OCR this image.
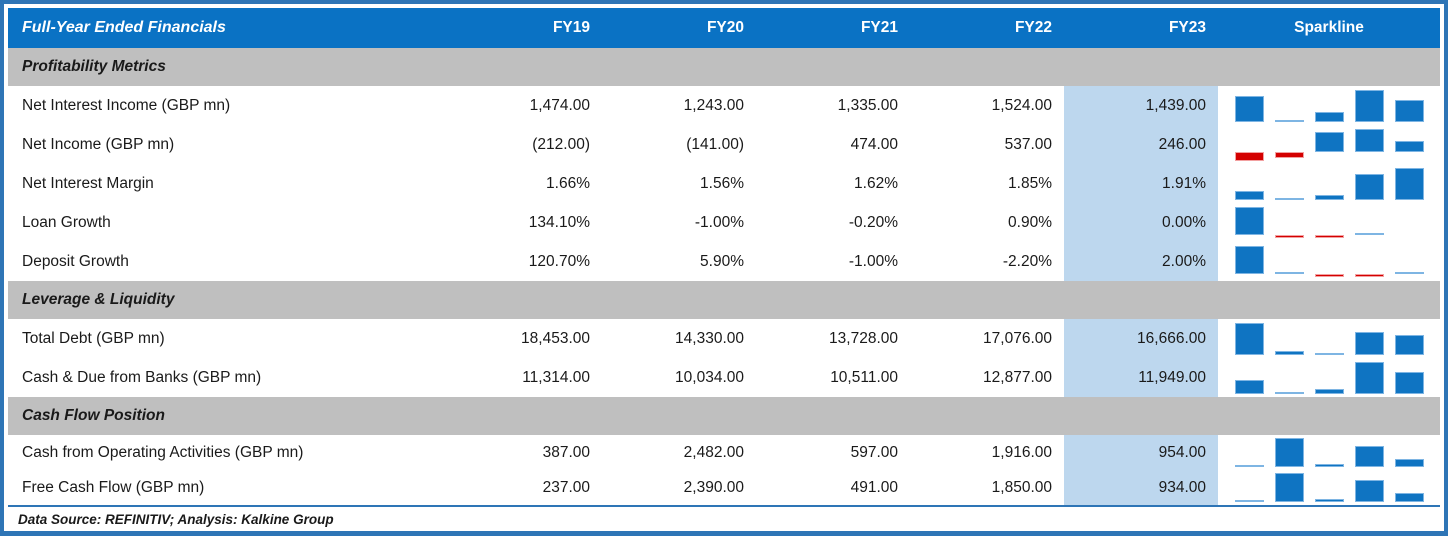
Full-Year Ended Financials	FY19	FY20	FY21	FY22	FY23	Sparkline
Profitability Metrics
Net Interest Income (GBP mn)	1,474.00	1,243.00	1,335.00	1,524.00	1,439.00
Net Income (GBP mn)	(212.00)	(141.00)	474.00	537.00	246.00
Net Interest Margin	1.66%	1.56%	1.62%	1.85%	1.91%
Loan Growth	134.10%	-1.00%	-0.20%	0.90%	0.00%
Deposit Growth	120.70%	5.90%	-1.00%	-2.20%	2.00%
Leverage & Liquidity
Total Debt (GBP mn)	18,453.00	14,330.00	13,728.00	17,076.00	16,666.00
Cash & Due from Banks (GBP mn)	11,314.00	10,034.00	10,511.00	12,877.00	11,949.00
Cash Flow Position
Cash from Operating Activities (GBP mn)	387.00	2,482.00	597.00	1,916.00	954.00
Free Cash Flow (GBP mn)	237.00	2,390.00	491.00	1,850.00	934.00
Data Source: REFINITIV; Analysis: Kalkine Group
